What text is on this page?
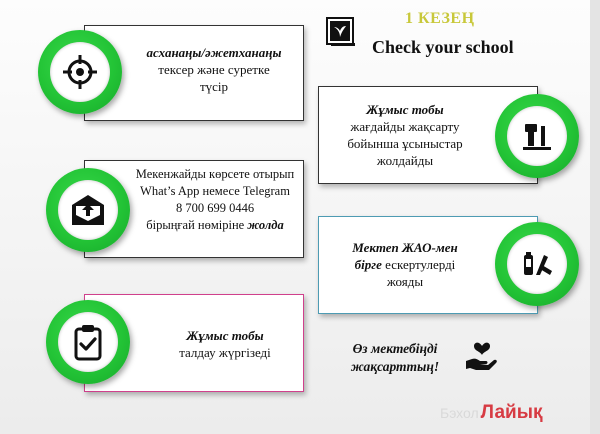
1 КЕЗЕҢ
Check your school
асханаңы/әжетханаңы
тексер және суретке
түсір
Жұмыс тобы
жағдайды жақсарту
бойынша ұсыныстар
жолдайды
Мекенжайды көрсете отырып
What’s App немесе Telegram
8 700 699 0446
бірыңғай нөміріне жолда
Мектеп ЖАО-мен
бірге ескертулерді
жояды
Жұмыс тобы
талдау жүргізеді	Өз мектебіңді
жақсарттың!
Бэхол Лайық
